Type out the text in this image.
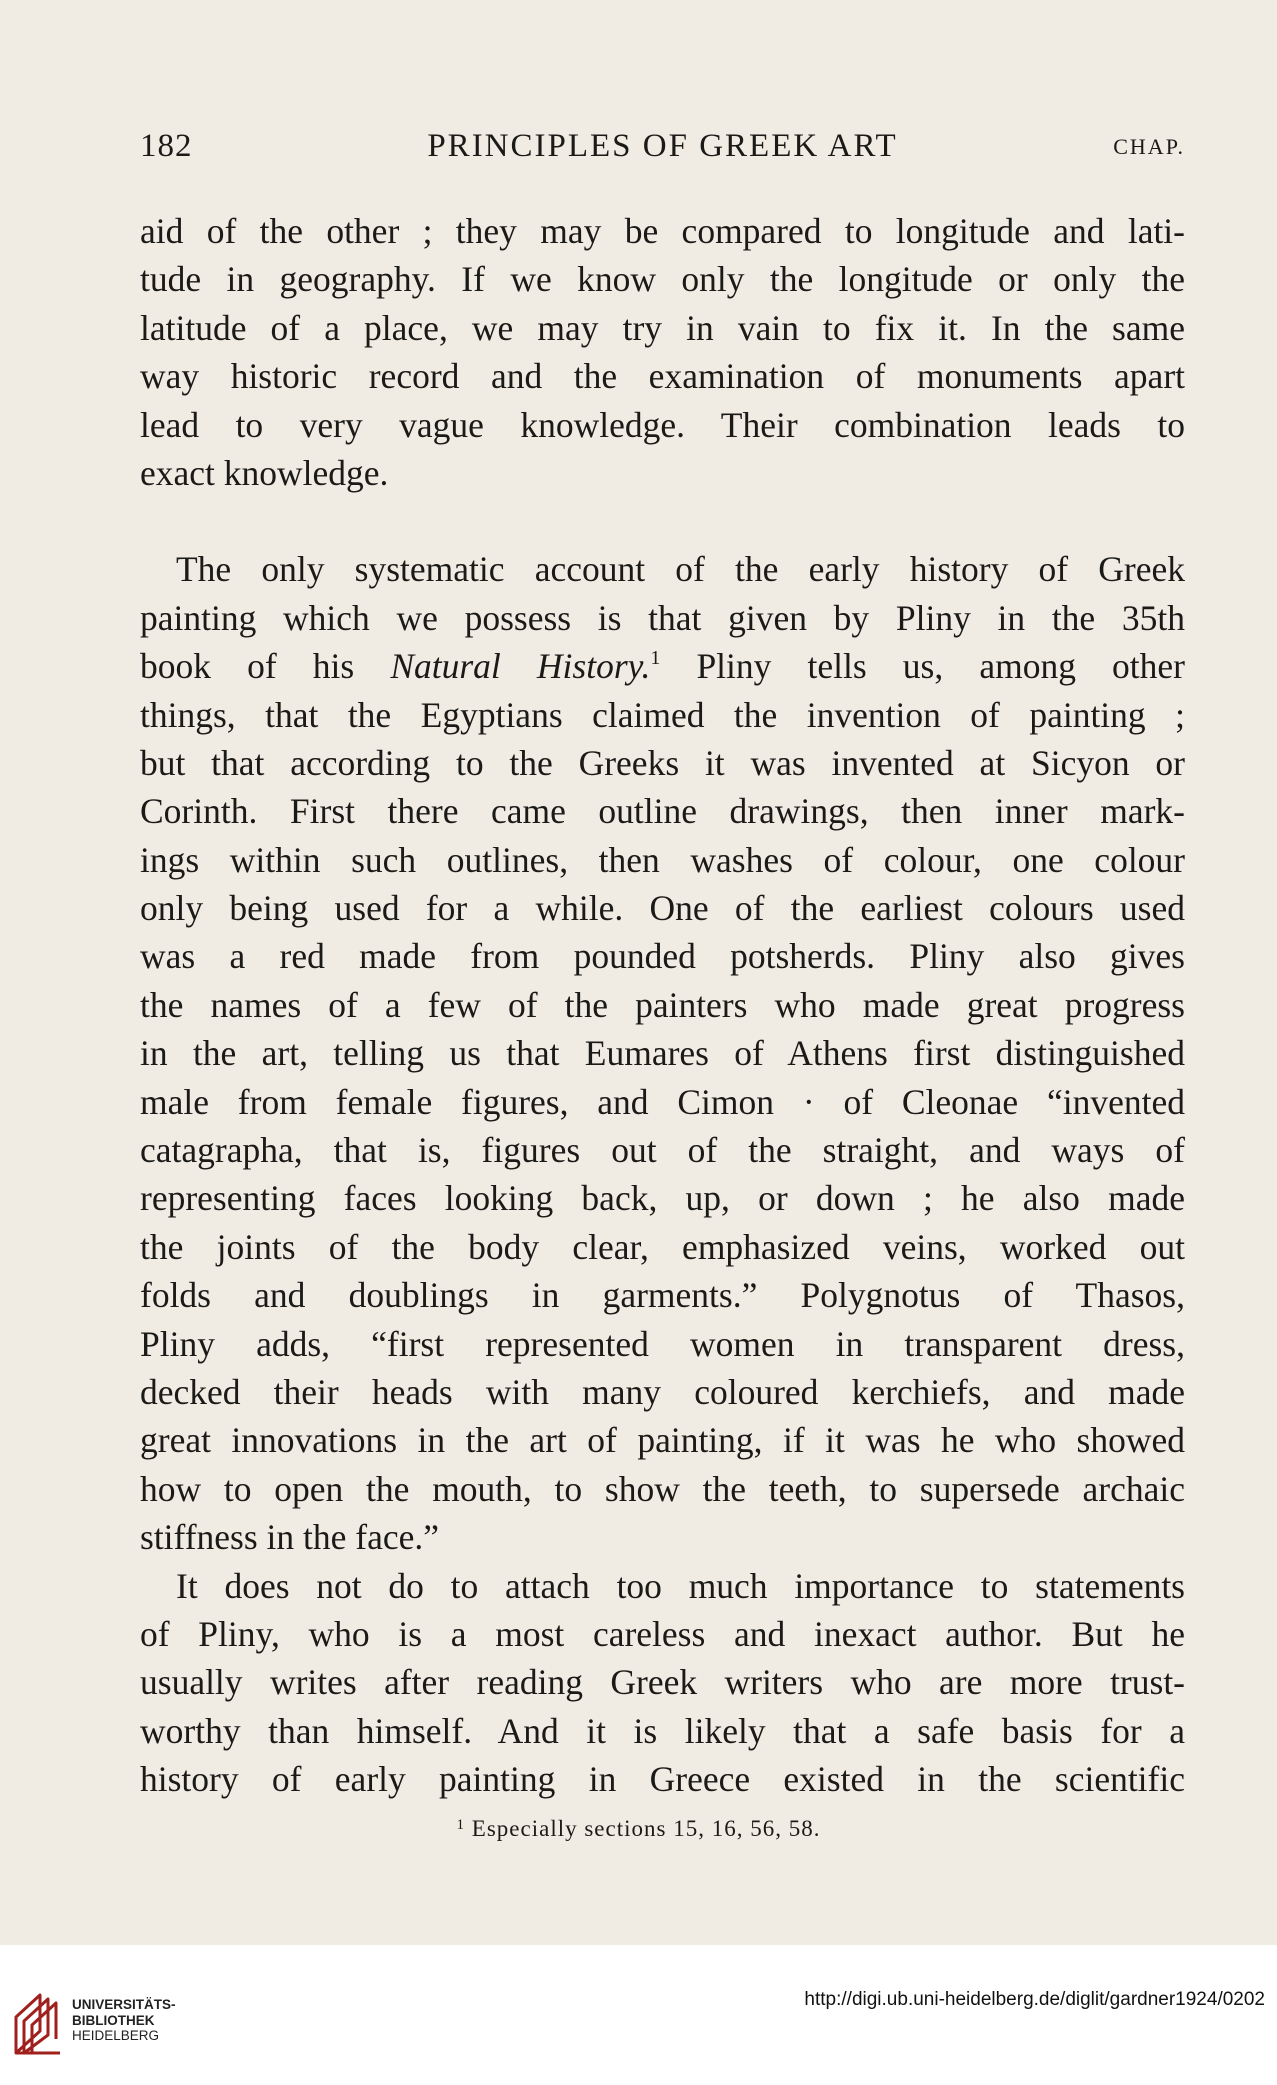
182	PRINCIPLES OF GREEK ART	CHAP.
aid of the other ; they may be compared to longitude and lati-
tude in geography. If we know only the longitude or only the
latitude of a place, we may try in vain to fix it. In the same
way historic record and the examination of monuments apart
lead to very vague knowledge. Their combination leads to
exact knowledge.
The only systematic account of the early history of Greek
painting which we possess is that given by Pliny in the 35th
book of his Natural History.$^1$ Pliny tells us, among other
things, that the Egyptians claimed the invention of painting ;
but that according to the Greeks it was invented at Sicyon or
Corinth. First there came outline drawings, then inner mark-
ings within such outlines, then washes of colour, one colour
only being used for a while. One of the earliest colours used
was a red made from pounded potsherds. Pliny also gives
the names of a few of the painters who made great progress
in the art, telling us that Eumares of Athens first distinguished
male from female figures, and Cimon · of Cleonae “invented
catagrapha, that is, figures out of the straight, and ways of
representing faces looking back, up, or down ; he also made
the joints of the body clear, emphasized veins, worked out
folds and doublings in garments.” Polygnotus of Thasos,
Pliny adds, “first represented women in transparent dress,
decked their heads with many coloured kerchiefs, and made
great innovations in the art of painting, if it was he who showed
how to open the mouth, to show the teeth, to supersede archaic
stiffness in the face.”
It does not do to attach too much importance to statements
of Pliny, who is a most careless and inexact author. But he
usually writes after reading Greek writers who are more trust-
worthy than himself. And it is likely that a safe basis for a
history of early painting in Greece existed in the scientific
$^1$ Especially sections 15, 16, 56, 58.
UNIVERSITÄTS-
BIBLIOTHEK
HEIDELBERG
http://digi.ub.uni-heidelberg.de/diglit/gardner1924/0202
